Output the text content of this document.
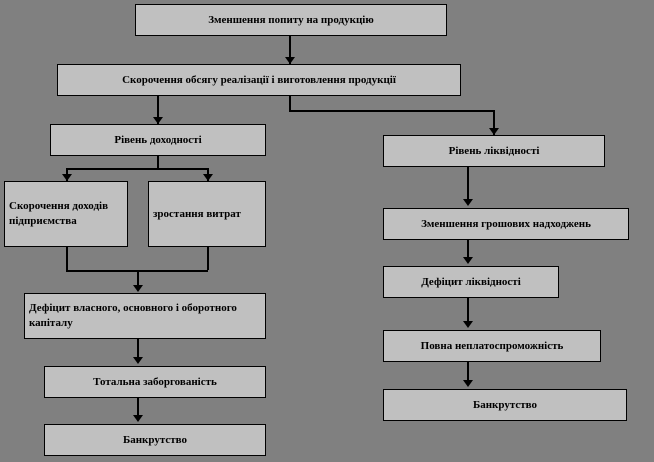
Зменшення попиту на продукцію
Скорочення обсягу реалізації і виготовлення продукції
Рівень доходності
Рівень ліквідності
Скорочення доходів підприємства
зростання витрат
Зменшення грошових надходжень
Дефіцит власного, основного і оборотного капіталу
Дефіцит ліквідності
Тотальна заборгованість
Повна неплатоспроможність
Банкрутство
Банкрутство
